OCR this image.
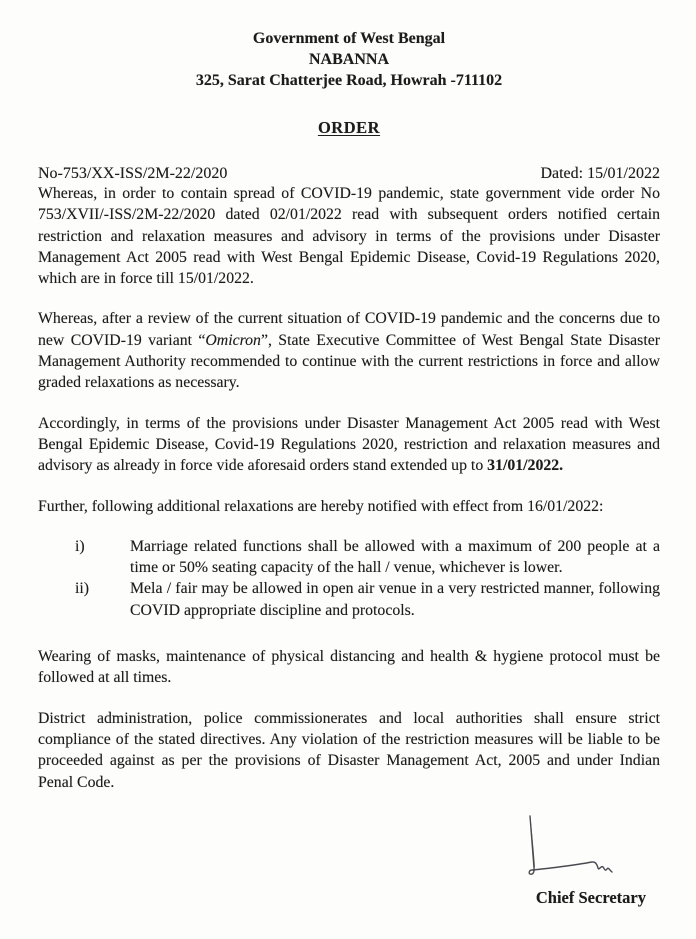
Government of West Bengal
NABANNA
325, Sarat Chatterjee Road, Howrah -711102
ORDER
No-753/XX-ISS/2M-22/2020	Dated: 15/01/2022

Whereas, in order to contain spread of COVID-19 pandemic, state government vide order No 753/XVII/-ISS/2M-22/2020 dated 02/01/2022 read with subsequent orders notified certain restriction and relaxation measures and advisory in terms of the provisions under Disaster Management Act 2005 read with West Bengal Epidemic Disease, Covid-19 Regulations 2020, which are in force till 15/01/2022.

Whereas, after a review of the current situation of COVID-19 pandemic and the concerns due to new COVID-19 variant “Omicron”, State Executive Committee of West Bengal State Disaster Management Authority recommended to continue with the current restrictions in force and allow graded relaxations as necessary.

Accordingly, in terms of the provisions under Disaster Management Act 2005 read with West Bengal Epidemic Disease, Covid-19 Regulations 2020, restriction and relaxation measures and advisory as already in force vide aforesaid orders stand extended up to 31/01/2022.

Further, following additional relaxations are hereby notified with effect from 16/01/2022:

i)	Marriage related functions shall be allowed with a maximum of 200 people at a time or 50% seating capacity of the hall / venue, whichever is lower.
ii)	Mela / fair may be allowed in open air venue in a very restricted manner, following COVID appropriate discipline and protocols.

Wearing of masks, maintenance of physical distancing and health & hygiene protocol must be followed at all times.

District administration, police commissionerates and local authorities shall ensure strict compliance of the stated directives. Any violation of the restriction measures will be liable to be proceeded against as per the provisions of Disaster Management Act, 2005 and under Indian Penal Code.

Chief Secretary
